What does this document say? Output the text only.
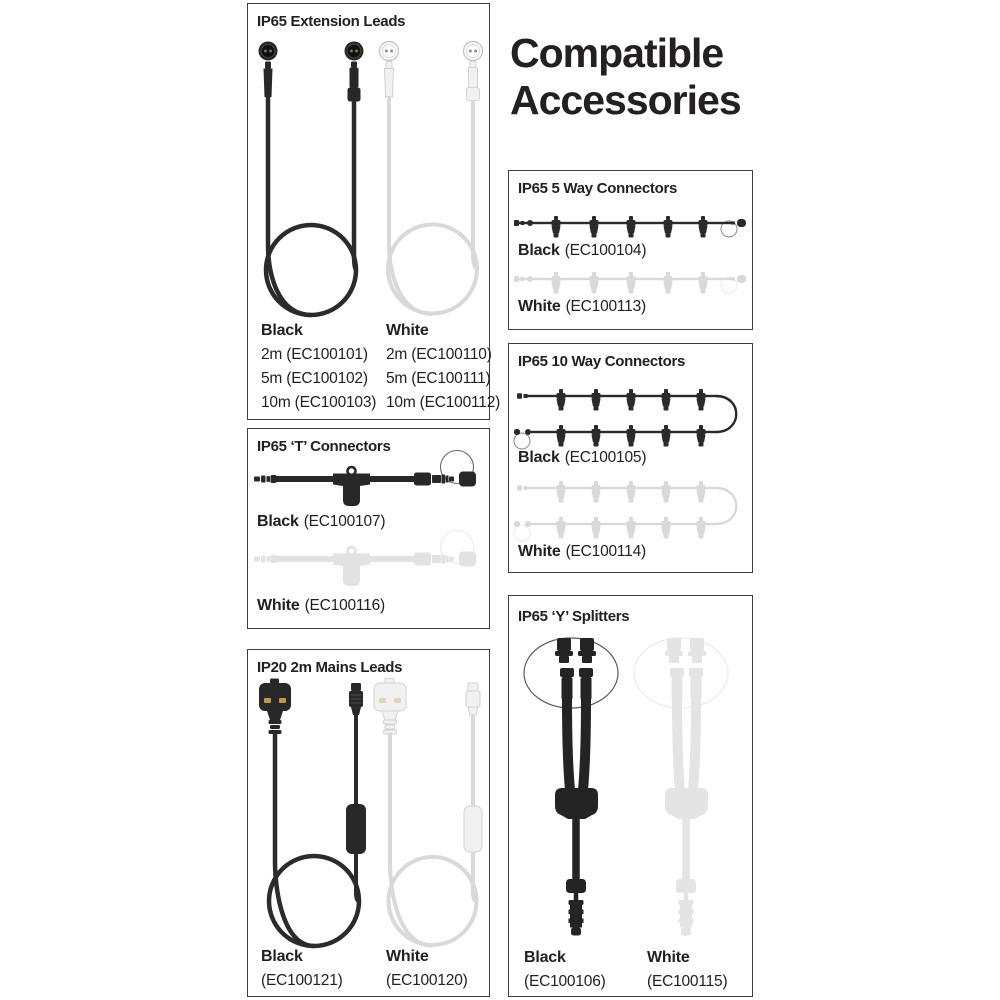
Compatible
Accessories
IP65 Extension Leads
Black
2m (EC100101)
5m (EC100102)
10m (EC100103)
White
2m (EC100110)
5m (EC100111)
10m (EC100112)
IP65 ‘T’ Connectors
Black (EC100107)
White (EC100116)
IP20 2m Mains Leads
Black
(EC100121)
White
(EC100120)
IP65 5 Way Connectors
Black (EC100104)
White (EC100113)
IP65 10 Way Connectors
Black (EC100105)
White (EC100114)
IP65 ‘Y’ Splitters
Black
(EC100106)
White
(EC100115)
